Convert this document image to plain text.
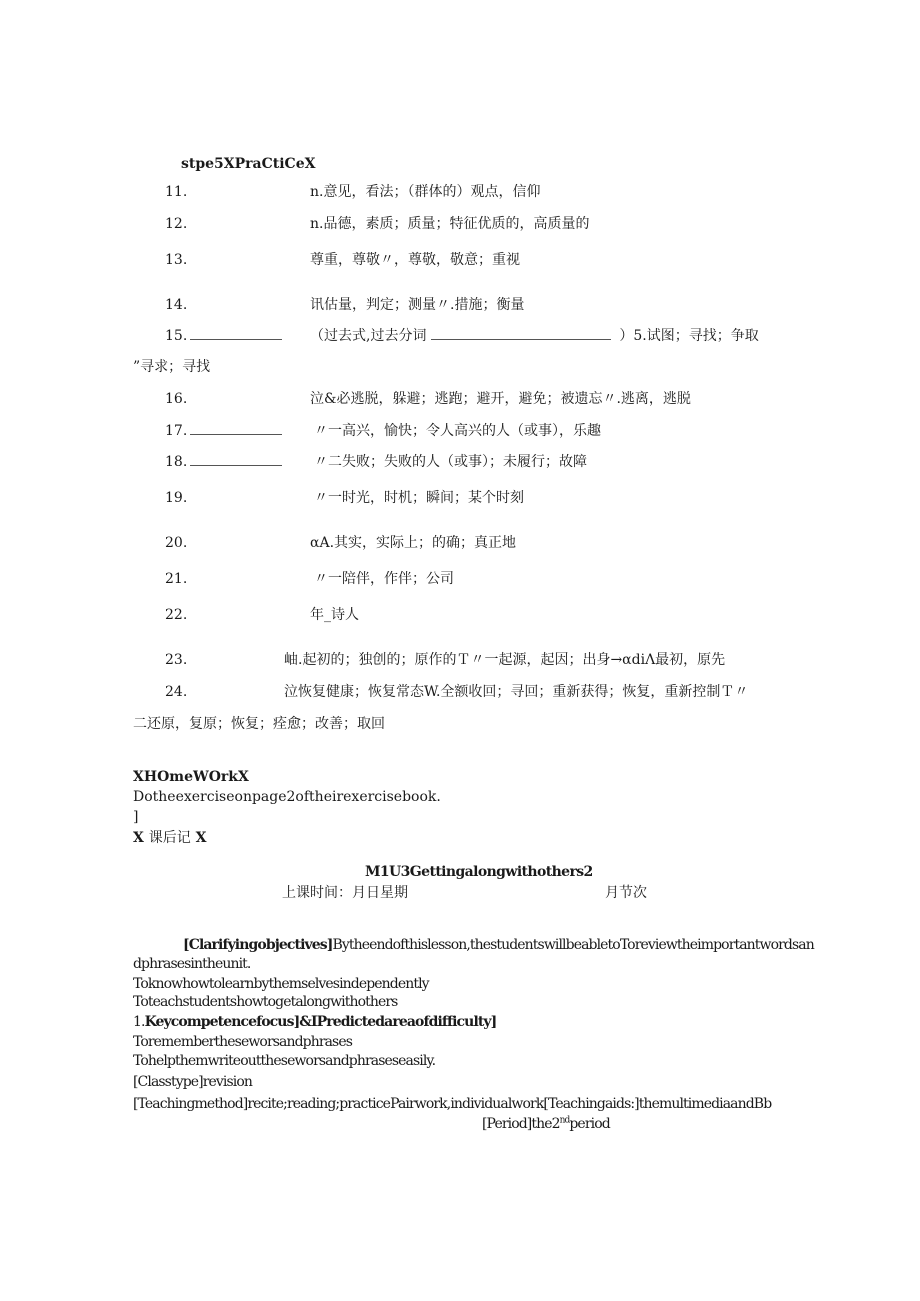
stpe5XPraCtiCeX
11.	n.意见，看法；（群体的）观点，信仰
12.	n.品德，素质；质量；特征优质的，高质量的
13.	尊重，尊敬〃，尊敬，敬意；重视
14.	讯估量，判定；测量〃.措施；衡量
15.	（过去式,过去分词	）5.试图；寻找；争取
”寻求；寻找
16.	泣&必逃脱，躲避；逃跑；避开，避免；被遗忘〃.逃离，逃脱
17.	〃一高兴，愉快；令人高兴的人（或事），乐趣
18.	〃二失败；失败的人（或事）；未履行；故障
19.	〃一时光，时机；瞬间；某个时刻
20.	αA.其实，实际上；的确；真正地
21.	〃一陪伴，作伴；公司
22.	年_诗人
23.	岫.起初的；独创的；原作的Ｔ〃一起源，起因；出身→αdiΛ最初，原先
24.	泣恢复健康；恢复常态W.全额收回；寻回；重新获得；恢复，重新控制Ｔ〃
二还原，复原；恢复；痊愈；改善；取回
XHOmeWOrkX
Dotheexerciseonpage2oftheirexercisebook.
]
X 课后记 X
M1U3Gettingalongwithothers2
上课时间：月日星期	月节次
[Clarifyingobjectives]Bytheendofthislesson,thestudentswillbeabletoToreviewtheimportantwordsan
dphrasesintheunit.
Toknowhowtolearnbythemselvesindependently
Toteachstudentshowtogetalongwithothers
1.Keycompetencefocus]&IPredictedareaofdifficulty]
Toremembertheseworsandphrases
Tohelpthemwriteouttheseworsandphraseseasily.
[Classtype]revision
[Teachingmethod]recite;reading;practicePairwork,individualwork[Teachingaids:]themultimediaandBb
[Period]the2ndperiod
